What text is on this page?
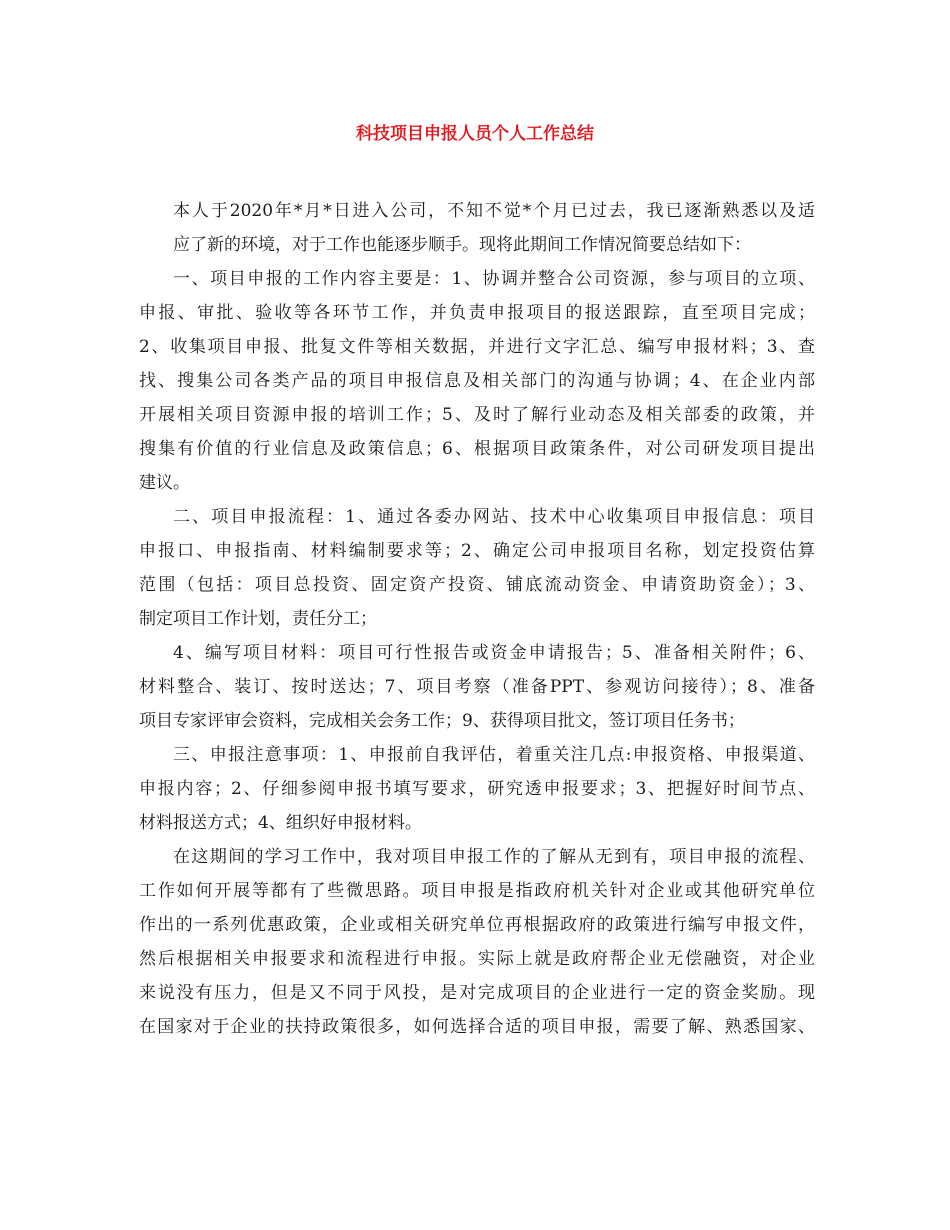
科技项目申报人员个人工作总结
本人于2020年*月*日进入公司，不知不觉*个月已过去，我已逐渐熟悉以及适
应了新的环境，对于工作也能逐步顺手。现将此期间工作情况简要总结如下：
一、项目申报的工作内容主要是：1、协调并整合公司资源，参与项目的立项、
申报、审批、验收等各环节工作，并负责申报项目的报送跟踪，直至项目完成；
2、收集项目申报、批复文件等相关数据，并进行文字汇总、编写申报材料；3、查
找、搜集公司各类产品的项目申报信息及相关部门的沟通与协调；4、在企业内部
开展相关项目资源申报的培训工作；5、及时了解行业动态及相关部委的政策，并
搜集有价值的行业信息及政策信息；6、根据项目政策条件，对公司研发项目提出
建议。
二、项目申报流程：1、通过各委办网站、技术中心收集项目申报信息：项目
申报口、申报指南、材料编制要求等；2、确定公司申报项目名称，划定投资估算
范围（包括：项目总投资、固定资产投资、铺底流动资金、申请资助资金）；3、
制定项目工作计划，责任分工；
4、编写项目材料：项目可行性报告或资金申请报告；5、准备相关附件；6、
材料整合、装订、按时送达；7、项目考察（准备PPT、参观访问接待）；8、准备
项目专家评审会资料，完成相关会务工作；9、获得项目批文，签订项目任务书；
三、申报注意事项：1、申报前自我评估，着重关注几点:申报资格、申报渠道、
申报内容；2、仔细参阅申报书填写要求，研究透申报要求；3、把握好时间节点、
材料报送方式；4、组织好申报材料。
在这期间的学习工作中，我对项目申报工作的了解从无到有，项目申报的流程、
工作如何开展等都有了些微思路。项目申报是指政府机关针对企业或其他研究单位
作出的一系列优惠政策，企业或相关研究单位再根据政府的政策进行编写申报文件，
然后根据相关申报要求和流程进行申报。实际上就是政府帮企业无偿融资，对企业
来说没有压力，但是又不同于风投，是对完成项目的企业进行一定的资金奖励。现
在国家对于企业的扶持政策很多，如何选择合适的项目申报，需要了解、熟悉国家、
